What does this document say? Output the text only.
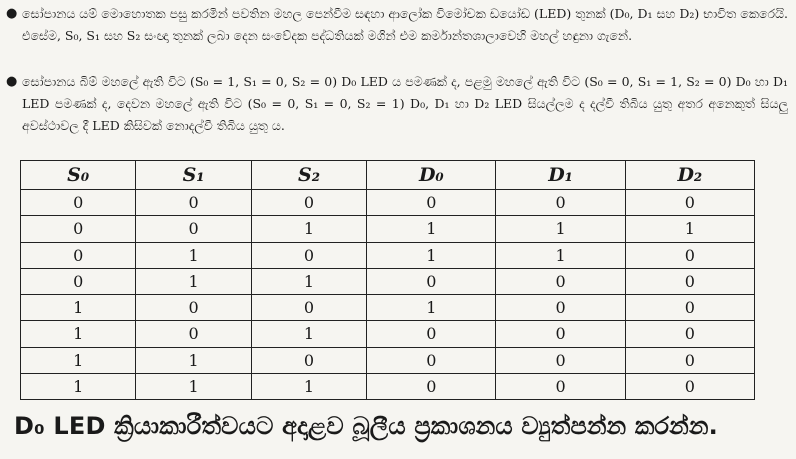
● සෝපානය යම් මොහොතක පසු කරමින් පවතින මහල පෙන්වීම සඳහා ආලෝක විමෝචක ඩයෝඩ (LED) තුනක් (D₀, D₁ සහ D₂) භාවිත කෙරෙයි. එසේම, S₀, S₁ සහ S₂ සංඥා තුනක් ලබා දෙන සංවේදක පද්ධතියක් මගින් එම කර්මාන්තශාලාවෙහි මහල් හඳුනා ගැනේ.
● සෝපානය බිම් මහලේ ඇති විට (S₀ = 1, S₁ = 0, S₂ = 0) D₀ LED ය පමණක් ද, පළමු මහලේ ඇති විට (S₀ = 0, S₁ = 1, S₂ = 0) D₀ හා D₁ LED පමණක් ද, දෙවන මහලේ ඇති විට (S₀ = 0, S₁ = 0, S₂ = 1) D₀, D₁ හා D₂ LED සියල්ලම ද දල්වී තිබිය යුතු අතර අනෙකුත් සියලු අවස්ථාවල දී LED කිසිවක් නොදල්වී තිබිය යුතු ය.
S₀	S₁	S₂	D₀	D₁	D₂
0	0	0	0	0	0
0	0	1	1	1	1
0	1	0	1	1	0
0	1	1	0	0	0
1	0	0	1	0	0
1	0	1	0	0	0
1	1	0	0	0	0
1	1	1	0	0	0
D₀ LED ක්‍රියාකාරීත්වයට අදාළව බූලීය ප්‍රකාශනය ව්‍යුත්පන්න කරන්න.
